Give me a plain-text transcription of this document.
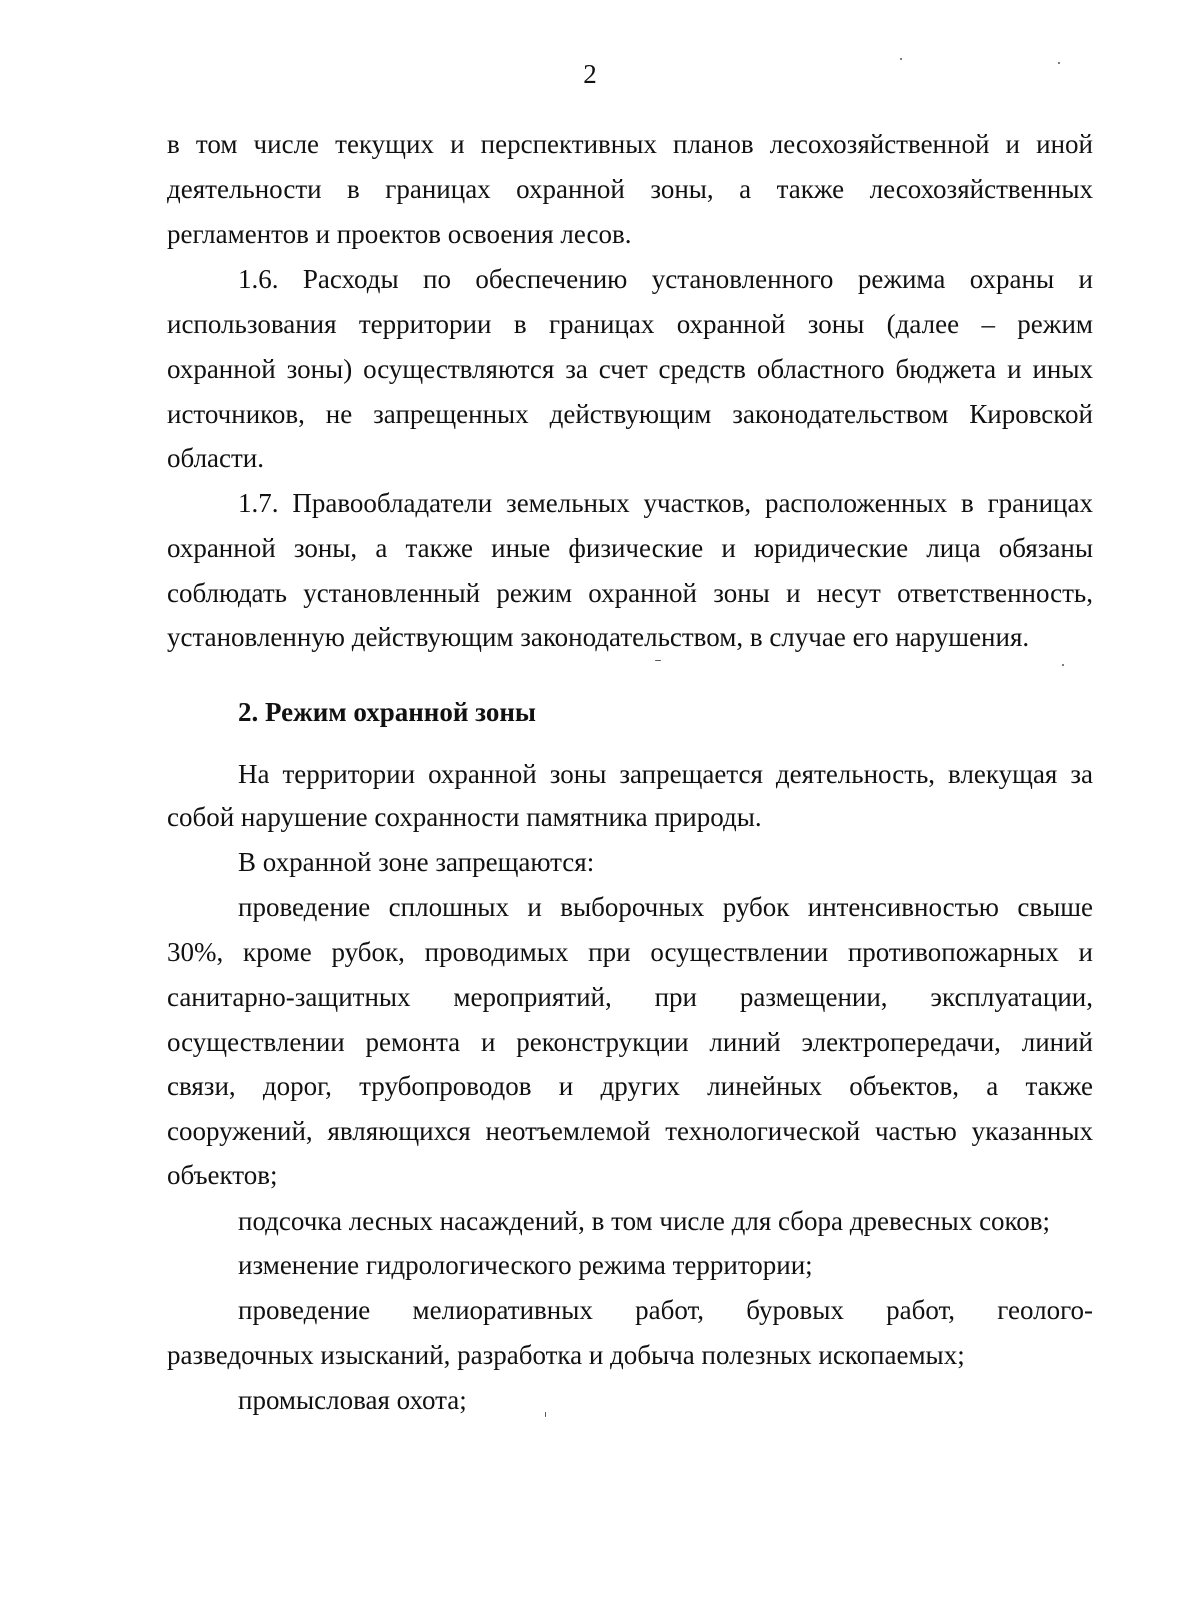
2
в том числе текущих и перспективных планов лесохозяйственной и иной
деятельности в границах охранной зоны, а также лесохозяйственных
регламентов и проектов освоения лесов.
1.6. Расходы по обеспечению установленного режима охраны и
использования территории в границах охранной зоны (далее – режим
охранной зоны) осуществляются за счет средств областного бюджета и иных
источников, не запрещенных действующим законодательством Кировской
области.
1.7. Правообладатели земельных участков, расположенных в границах
охранной зоны, а также иные физические и юридические лица обязаны
соблюдать установленный режим охранной зоны и несут ответственность,
установленную действующим законодательством, в случае его нарушения.
2. Режим охранной зоны
На территории охранной зоны запрещается деятельность, влекущая за
собой нарушение сохранности памятника природы.
В охранной зоне запрещаются:
проведение сплошных и выборочных рубок интенсивностью свыше
30%, кроме рубок, проводимых при осуществлении противопожарных и
санитарно-защитных мероприятий, при размещении, эксплуатации,
осуществлении ремонта и реконструкции линий электропередачи, линий
связи, дорог, трубопроводов и других линейных объектов, а также
сооружений, являющихся неотъемлемой технологической частью указанных
объектов;
подсочка лесных насаждений, в том числе для сбора древесных соков;
изменение гидрологического режима территории;
проведение мелиоративных работ, буровых работ, геолого-
разведочных изысканий, разработка и добыча полезных ископаемых;
промысловая охота;
